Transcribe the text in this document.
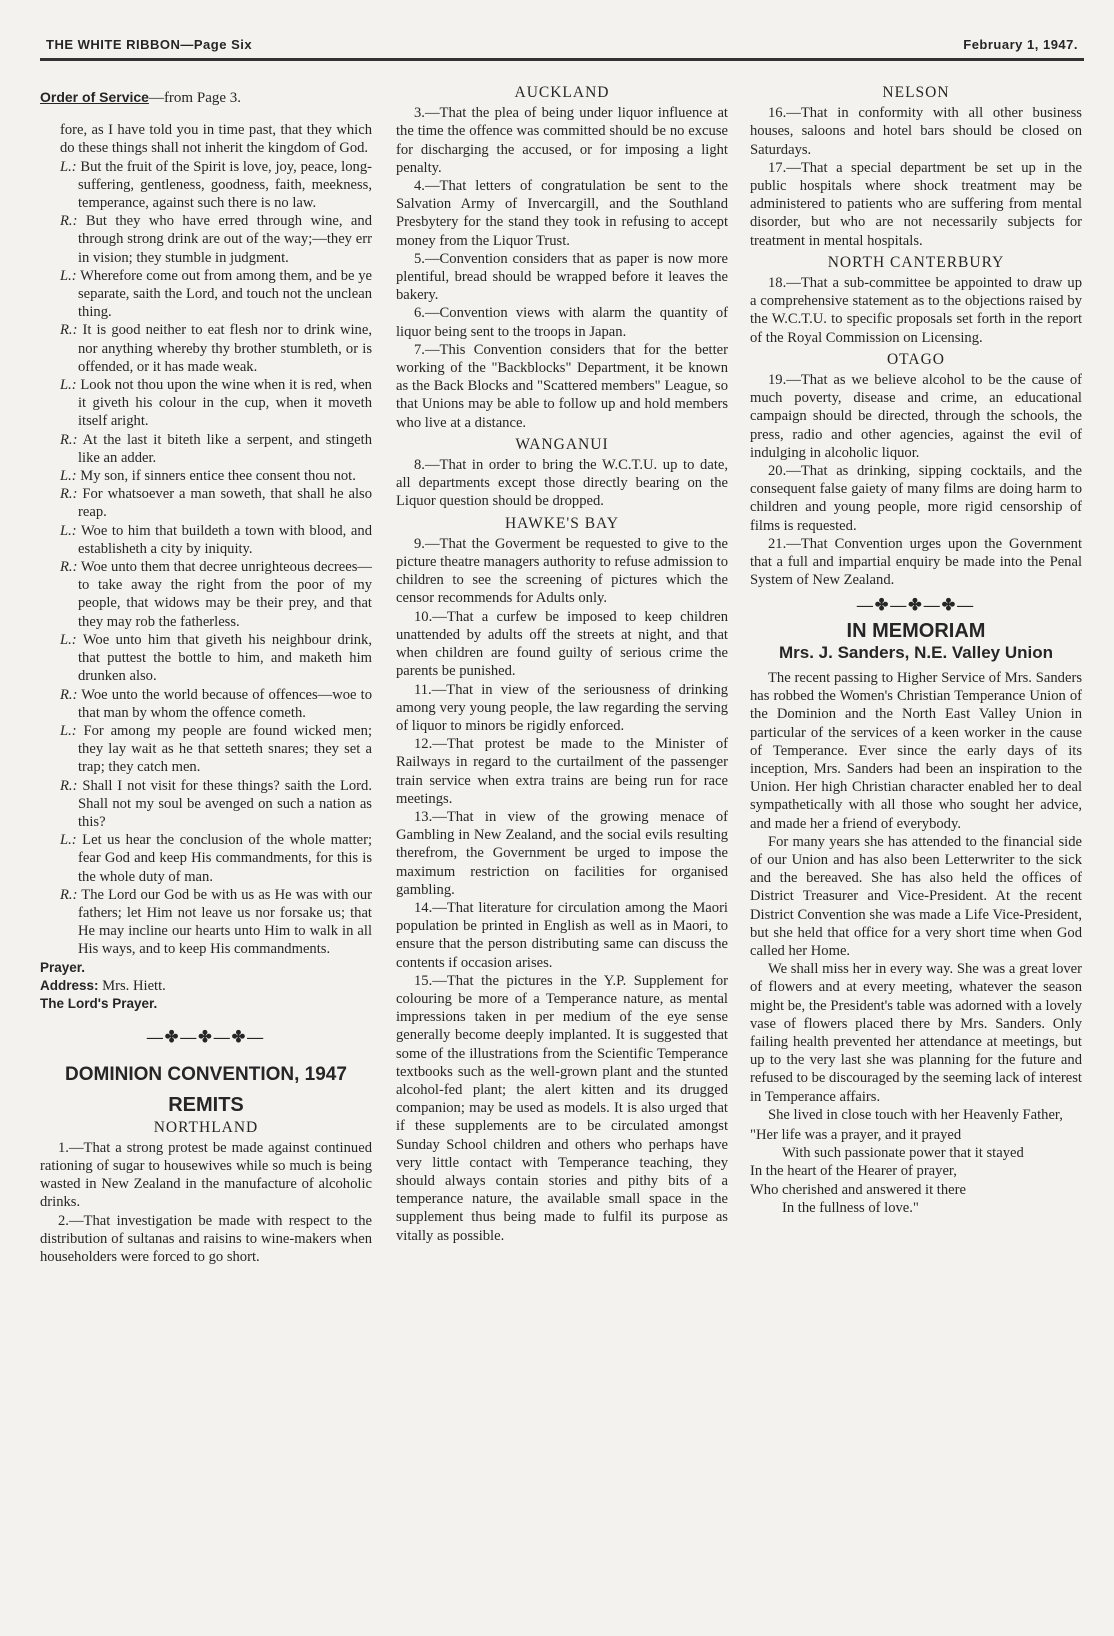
THE WHITE RIBBON—Page Six	February 1, 1947.

Order of Service—from Page 3.

fore, as I have told you in time past, that they which do these things shall not inherit the kingdom of God.

L.: But the fruit of the Spirit is love, joy, peace, long-suffering, gentleness, goodness, faith, meekness, temperance, against such there is no law.

R.: But they who have erred through wine, and through strong drink are out of the way;—they err in vision; they stumble in judgment.

L.: Wherefore come out from among them, and be ye separate, saith the Lord, and touch not the unclean thing.

R.: It is good neither to eat flesh nor to drink wine, nor anything whereby thy brother stumbleth, or is offended, or it has made weak.

L.: Look not thou upon the wine when it is red, when it giveth his colour in the cup, when it moveth itself aright.

R.: At the last it biteth like a serpent, and stingeth like an adder.

L.: My son, if sinners entice thee consent thou not.

R.: For whatsoever a man soweth, that shall he also reap.

L.: Woe to him that buildeth a town with blood, and establisheth a city by iniquity.

R.: Woe unto them that decree unrighteous decrees—to take away the right from the poor of my people, that widows may be their prey, and that they may rob the fatherless.

L.: Woe unto him that giveth his neighbour drink, that puttest the bottle to him, and maketh him drunken also.

R.: Woe unto the world because of offences—woe to that man by whom the offence cometh.

L.: For among my people are found wicked men; they lay wait as he that setteth snares; they set a trap; they catch men.

R.: Shall I not visit for these things? saith the Lord. Shall not my soul be avenged on such a nation as this?

L.: Let us hear the conclusion of the whole matter; fear God and keep His commandments, for this is the whole duty of man.

R.: The Lord our God be with us as He was with our fathers; let Him not leave us nor forsake us; that He may incline our hearts unto Him to walk in all His ways, and to keep His commandments.

Prayer.

Address: Mrs. Hiett.

The Lord's Prayer.

—✤—✤—✤—
DOMINION CONVENTION, 1947
REMITS
NORTHLAND

1.—That a strong protest be made against continued rationing of sugar to housewives while so much is being wasted in New Zealand in the manufacture of alcoholic drinks.

2.—That investigation be made with respect to the distribution of sultanas and raisins to wine-makers when householders were forced to go short.

AUCKLAND

3.—That the plea of being under liquor influence at the time the offence was committed should be no excuse for discharging the accused, or for imposing a light penalty.

4.—That letters of congratulation be sent to the Salvation Army of Invercargill, and the Southland Presbytery for the stand they took in refusing to accept money from the Liquor Trust.

5.—Convention considers that as paper is now more plentiful, bread should be wrapped before it leaves the bakery.

6.—Convention views with alarm the quantity of liquor being sent to the troops in Japan.

7.—This Convention considers that for the better working of the "Backblocks" Department, it be known as the Back Blocks and "Scattered members" League, so that Unions may be able to follow up and hold members who live at a distance.

WANGANUI

8.—That in order to bring the W.C.T.U. up to date, all departments except those directly bearing on the Liquor question should be dropped.

HAWKE'S BAY

9.—That the Goverment be requested to give to the picture theatre managers authority to refuse admission to children to see the screening of pictures which the censor recommends for Adults only.

10.—That a curfew be imposed to keep children unattended by adults off the streets at night, and that when children are found guilty of serious crime the parents be punished.

11.—That in view of the seriousness of drinking among very young people, the law regarding the serving of liquor to minors be rigidly enforced.

12.—That protest be made to the Minister of Railways in regard to the curtailment of the passenger train service when extra trains are being run for race meetings.

13.—That in view of the growing menace of Gambling in New Zealand, and the social evils resulting therefrom, the Government be urged to impose the maximum restriction on facilities for organised gambling.

14.—That literature for circulation among the Maori population be printed in English as well as in Maori, to ensure that the person distributing same can discuss the contents if occasion arises.

15.—That the pictures in the Y.P. Supplement for colouring be more of a Temperance nature, as mental impressions taken in per medium of the eye sense generally become deeply implanted. It is suggested that some of the illustrations from the Scientific Temperance textbooks such as the well-grown plant and the stunted alcohol-fed plant; the alert kitten and its drugged companion; may be used as models. It is also urged that if these supplements are to be circulated amongst Sunday School children and others who perhaps have very little contact with Temperance teaching, they should always contain stories and pithy bits of a temperance nature, the available small space in the supplement thus being made to fulfil its purpose as vitally as possible.

NELSON

16.—That in conformity with all other business houses, saloons and hotel bars should be closed on Saturdays.

17.—That a special department be set up in the public hospitals where shock treatment may be administered to patients who are suffering from mental disorder, but who are not necessarily subjects for treatment in mental hospitals.

NORTH CANTERBURY

18.—That a sub-committee be appointed to draw up a comprehensive statement as to the objections raised by the W.C.T.U. to specific proposals set forth in the report of the Royal Commission on Licensing.

OTAGO

19.—That as we believe alcohol to be the cause of much poverty, disease and crime, an educational campaign should be directed, through the schools, the press, radio and other agencies, against the evil of indulging in alcoholic liquor.

20.—That as drinking, sipping cocktails, and the consequent false gaiety of many films are doing harm to children and young people, more rigid censorship of films is requested.

21.—That Convention urges upon the Government that a full and impartial enquiry be made into the Penal System of New Zealand.

—✤—✤—✤—
IN MEMORIAM
Mrs. J. Sanders, N.E. Valley Union

The recent passing to Higher Service of Mrs. Sanders has robbed the Women's Christian Temperance Union of the Dominion and the North East Valley Union in particular of the services of a keen worker in the cause of Temperance. Ever since the early days of its inception, Mrs. Sanders had been an inspiration to the Union. Her high Christian character enabled her to deal sympathetically with all those who sought her advice, and made her a friend of everybody.

For many years she has attended to the financial side of our Union and has also been Letterwriter to the sick and the bereaved. She has also held the offices of District Treasurer and Vice-President. At the recent District Convention she was made a Life Vice-President, but she held that office for a very short time when God called her Home.

We shall miss her in every way. She was a great lover of flowers and at every meeting, whatever the season might be, the President's table was adorned with a lovely vase of flowers placed there by Mrs. Sanders. Only failing health prevented her attendance at meetings, but up to the very last she was planning for the future and refused to be discouraged by the seeming lack of interest in Temperance affairs.

She lived in close touch with her Heavenly Father,

"Her life was a prayer, and it prayed

With such passionate power that it stayed

In the heart of the Hearer of prayer,

Who cherished and answered it there

In the fullness of love."
